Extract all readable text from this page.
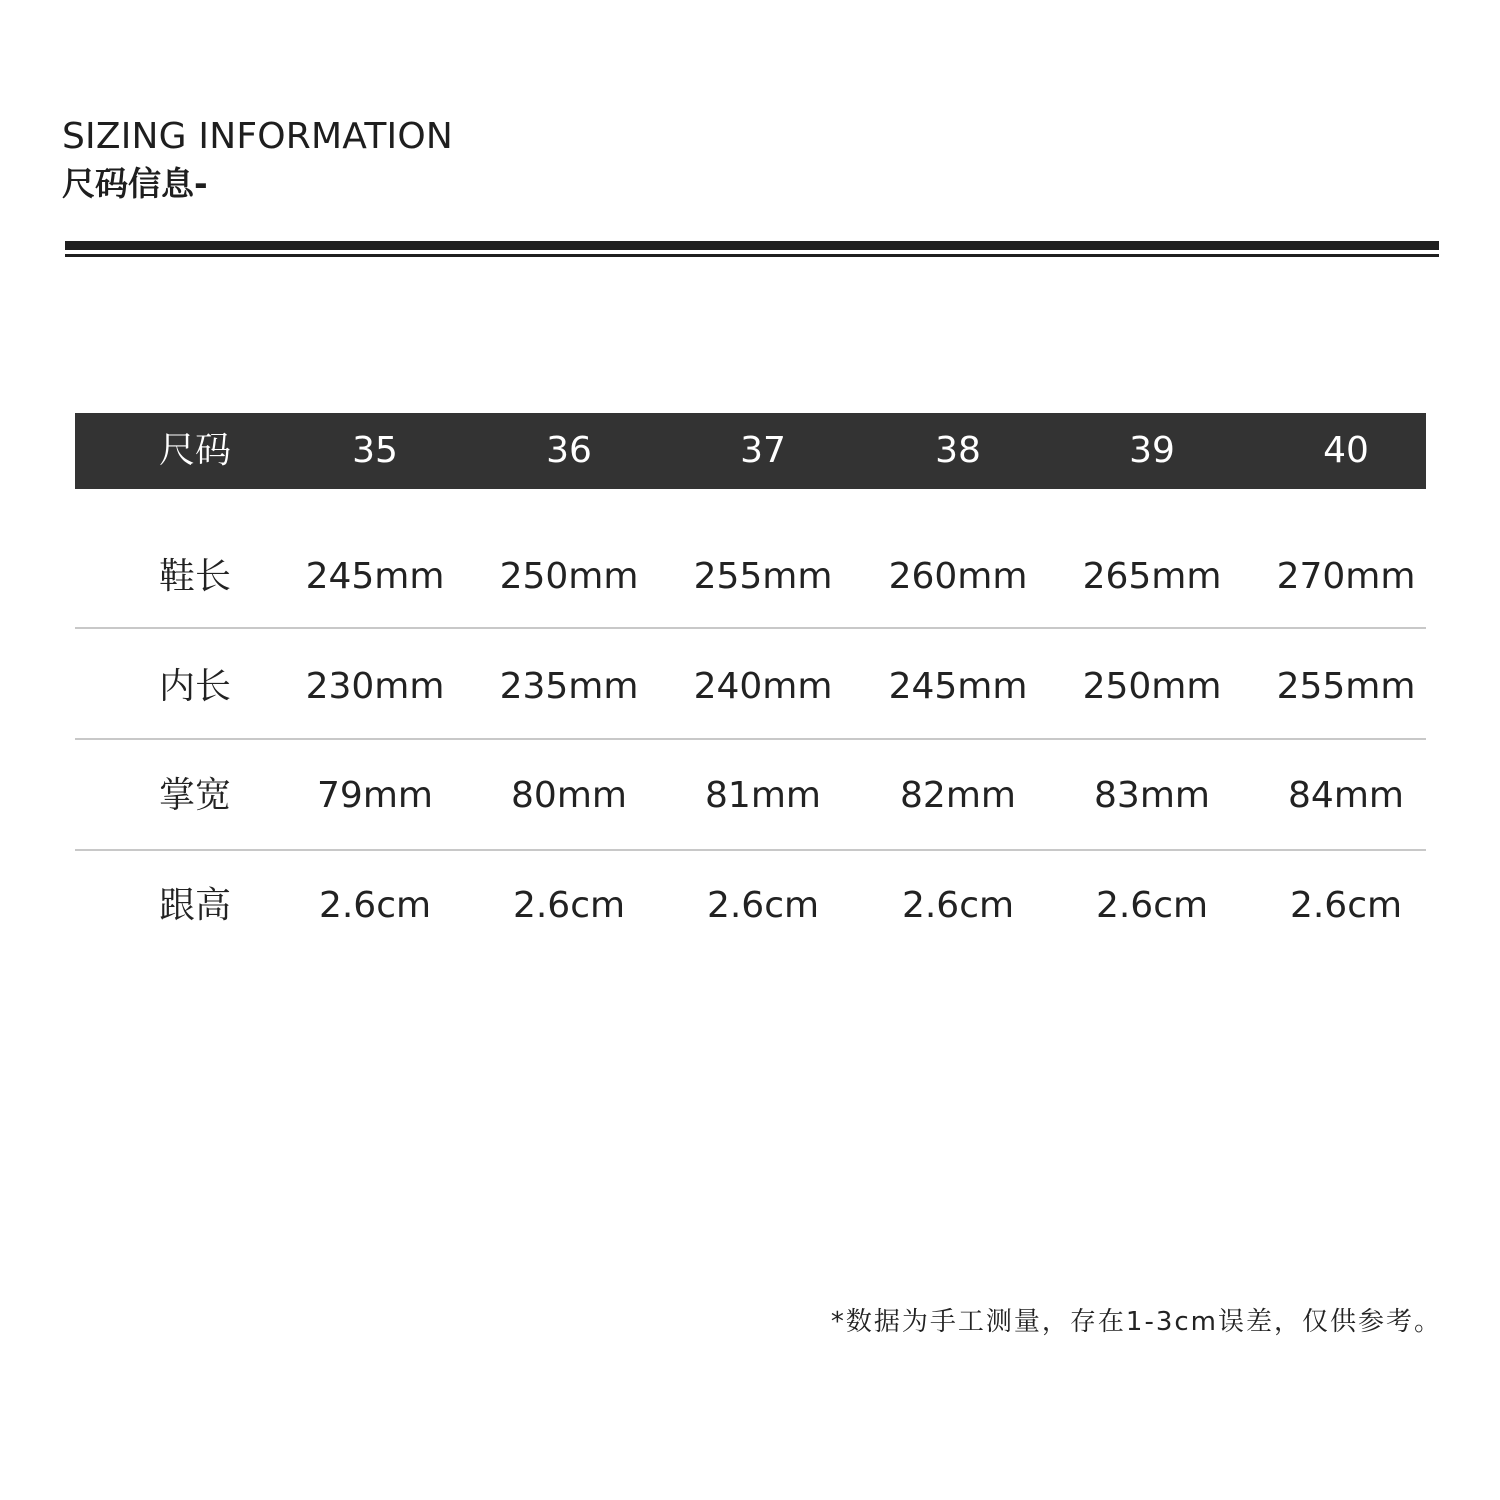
SIZING INFORMATION
尺码信息-
尺码	35	36	37	38	39	40
鞋长	245mm	250mm	255mm	260mm	265mm	270mm
内长	230mm	235mm	240mm	245mm	250mm	255mm
掌宽	79mm	80mm	81mm	82mm	83mm	84mm
跟高	2.6cm	2.6cm	2.6cm	2.6cm	2.6cm	2.6cm
*数据为手工测量，存在1-3cm误差，仅供参考。
